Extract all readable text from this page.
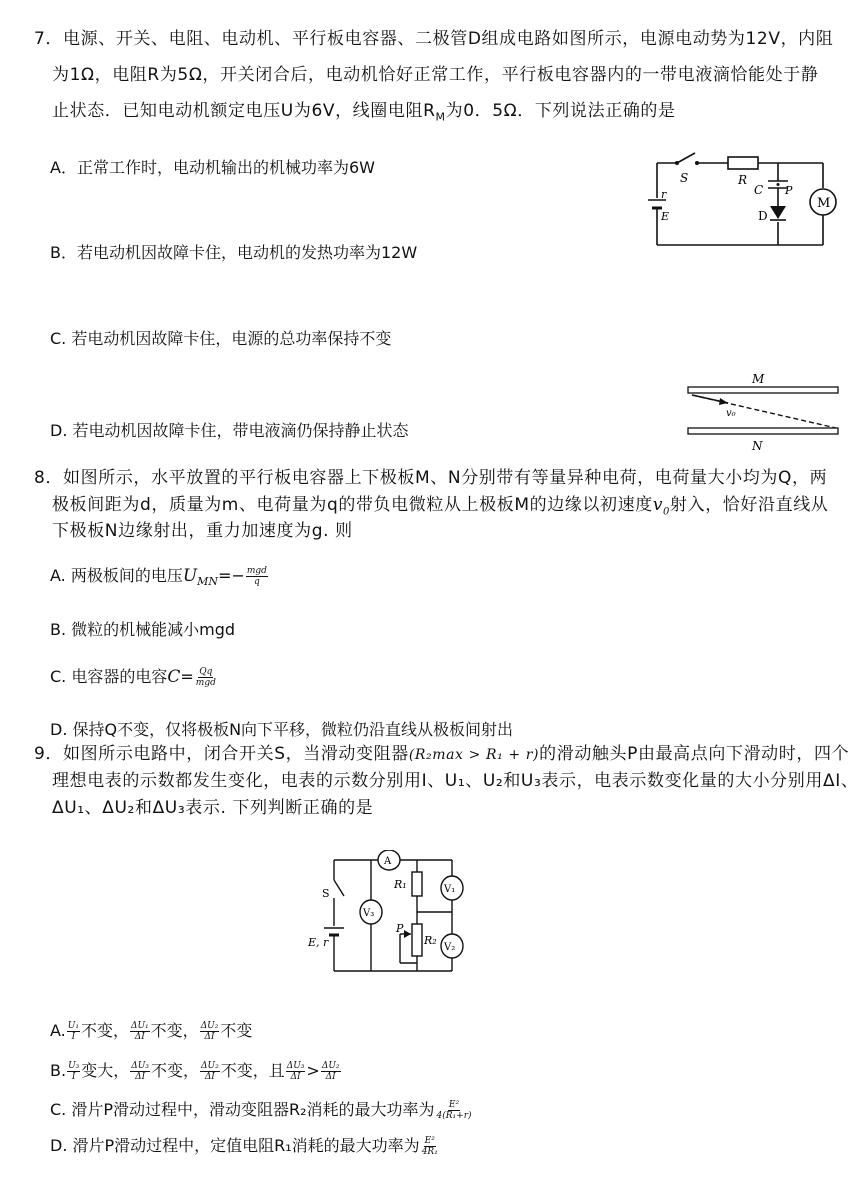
7．电源、开关、电阻、电动机、平行板电容器、二极管D组成电路如图所示，电源电动势为12V，内阻
为1Ω，电阻R为5Ω，开关闭合后，电动机恰好正常工作，平行板电容器内的一带电液滴恰能处于静
止状态．已知电动机额定电压U为6V，线圈电阻$R_M$为0．5Ω．下列说法正确的是
A．正常工作时，电动机输出的机械功率为6W
B．若电动机因故障卡住，电动机的发热功率为12W
C. 若电动机因故障卡住，电源的总功率保持不变
D. 若电动机因故障卡住，带电液滴仍保持静止状态
S	R
C P
D
M
r
E
M
N
v₀
8．如图所示，水平放置的平行板电容器上下极板M、N分别带有等量异种电荷，电荷量大小均为Q，两
极板间距为d，质量为m、电荷量为q的带负电微粒从上极板M的边缘以初速度$v_0$射入，恰好沿直线从
下极板N边缘射出，重力加速度为g. 则
A. 两极板间的电压$U_{MN}=- \frac{\text{mgd}}{q}$
B. 微粒的机械能减小mgd
C. 电容器的电容$C= \frac{Qq}{\text{mgd}}$
D. 保持Q不变，仅将极板N向下平移，微粒仍沿直线从极板间射出
9．如图所示电路中，闭合开关S，当滑动变阻器(R₂max > R₁ + r)的滑动触头P由最高点向下滑动时，四个
理想电表的示数都发生变化，电表的示数分别用I、U₁、U₂和U₃表示，电表示数变化量的大小分别用ΔI、
ΔU₁、ΔU₂和ΔU₃表示. 下列判断正确的是
A
V₃
V₁
V₂
R₁
R₂
P
S
E, r
A. $\frac{\text{U₁}}{I}$ 不变， $\frac{\text{ΔU₁}}{\Delta I}$ 不变， $\frac{\text{ΔU₂}}{\Delta I}$ 不变
B. $\frac{\text{U₃}}{I}$ 变大， $\frac{\text{ΔU₃}}{\Delta I}$ 不变， $\frac{\text{ΔU₂}}{\Delta I}$ 不变，且 $\frac{\text{ΔU₃}}{\Delta I} > \frac{\text{ΔU₂}}{\Delta I}$
C. 滑片P滑动过程中，滑动变阻器R₂消耗的最大功率为 $\frac{\text{E²}}{\text{4(R₁+r)}}$
D. 滑片P滑动过程中，定值电阻R₁消耗的最大功率为 $\frac{\text{E²}}{\text{4R₁}}$
